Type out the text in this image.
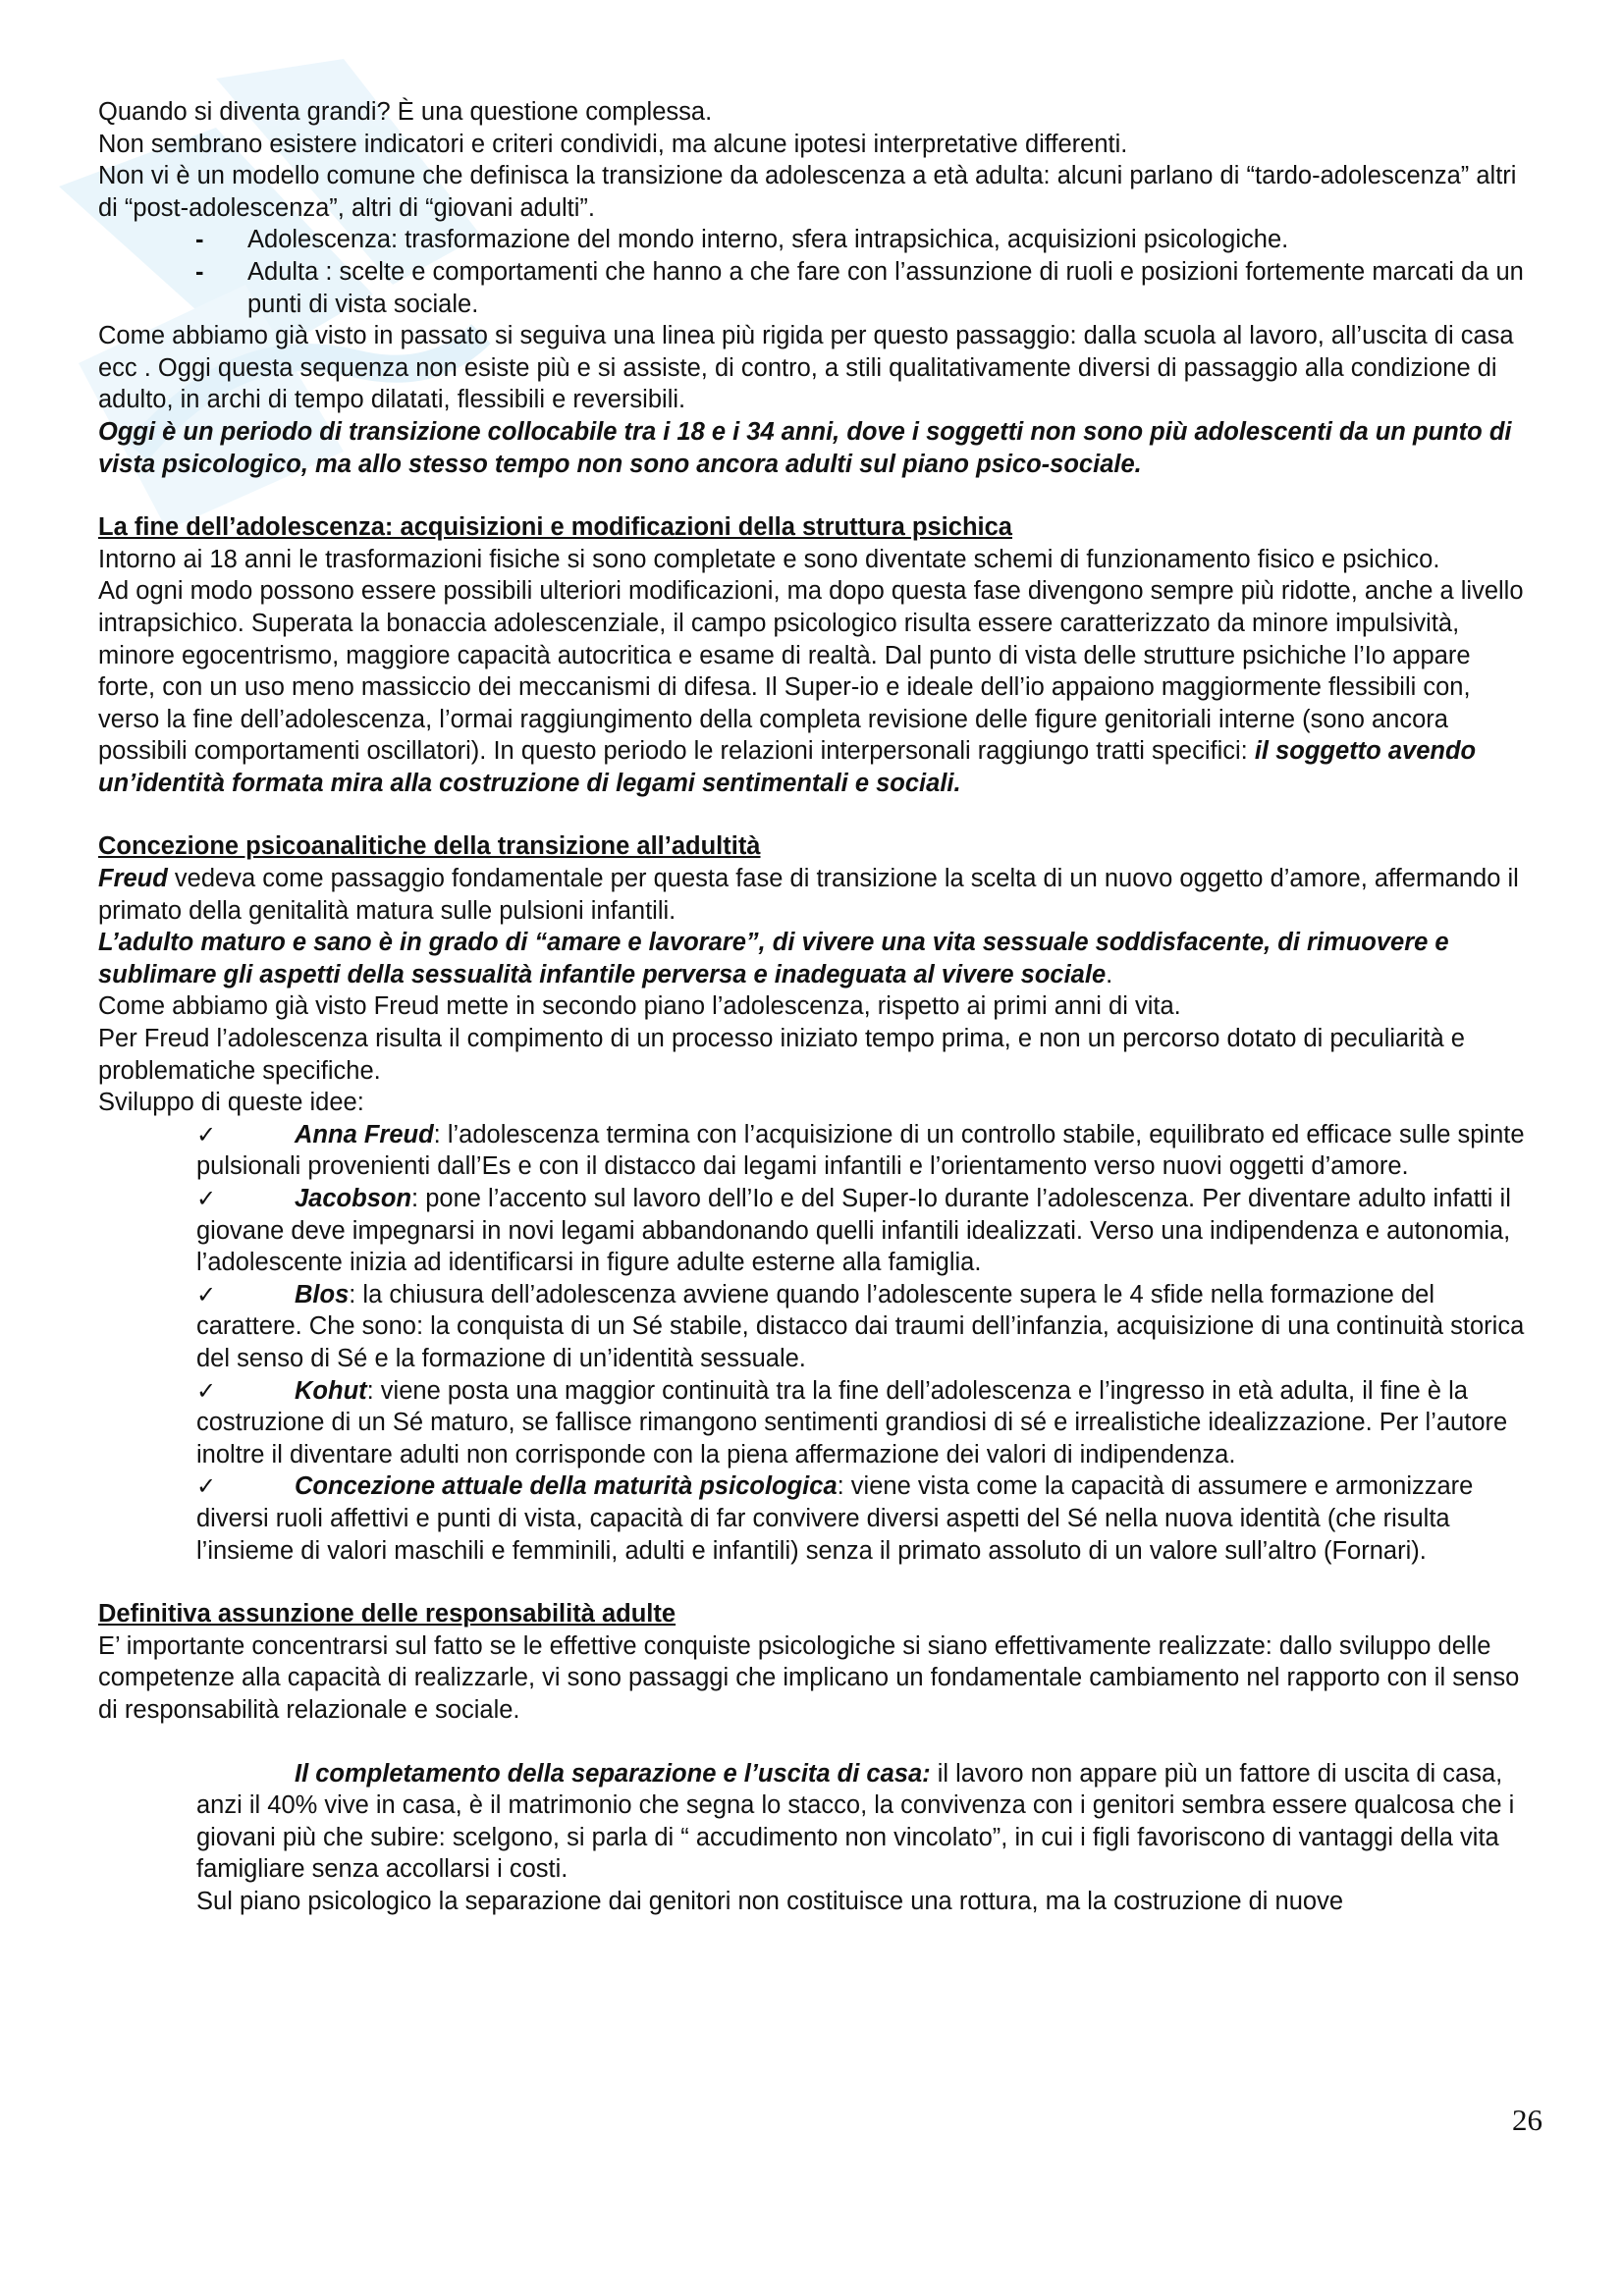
Quando si diventa grandi? È una questione complessa.

Non sembrano esistere indicatori e criteri condividi, ma alcune ipotesi interpretative differenti.

Non vi è un modello comune che definisca la transizione da adolescenza a età adulta: alcuni parlano di “tardo-adolescenza” altri di “post-adolescenza”, altri di “giovani adulti”.

- Adolescenza: trasformazione del mondo interno, sfera intrapsichica, acquisizioni psicologiche.
- Adulta : scelte e comportamenti che hanno a che fare con l’assunzione di ruoli e posizioni fortemente marcati da un punti di vista sociale.

Come abbiamo già visto in passato si seguiva una linea più rigida per questo passaggio: dalla scuola al lavoro, all’uscita di casa ecc . Oggi questa sequenza non esiste più e si assiste, di contro, a stili qualitativamente diversi di passaggio alla condizione di adulto, in archi di tempo dilatati, flessibili e reversibili.

Oggi è un periodo di transizione collocabile tra i 18 e i 34 anni, dove i soggetti non sono più adolescenti da un punto di vista psicologico, ma allo stesso tempo non sono ancora adulti sul piano psico-sociale.

La fine dell’adolescenza: acquisizioni e modificazioni della struttura psichica

Intorno ai 18 anni le trasformazioni fisiche si sono completate e sono diventate schemi di funzionamento fisico e psichico.

Ad ogni modo possono essere possibili ulteriori modificazioni, ma dopo questa fase divengono sempre più ridotte, anche a livello intrapsichico. Superata la bonaccia adolescenziale, il campo psicologico risulta essere caratterizzato da minore impulsività, minore egocentrismo, maggiore capacità autocritica e esame di realtà. Dal punto di vista delle strutture psichiche l’Io appare forte, con un uso meno massiccio dei meccanismi di difesa. Il Super-io e ideale dell’io appaiono maggiormente flessibili con, verso la fine dell’adolescenza, l’ormai raggiungimento della completa revisione delle figure genitoriali interne (sono ancora possibili comportamenti oscillatori). In questo periodo le relazioni interpersonali raggiungo tratti specifici: il soggetto avendo un’identità formata mira alla costruzione di legami sentimentali e sociali.

Concezione psicoanalitiche della transizione all’adultità

Freud vedeva come passaggio fondamentale per questa fase di transizione la scelta di un nuovo oggetto d’amore, affermando il primato della genitalità matura sulle pulsioni infantili.

L’adulto maturo e sano è in grado di “amare e lavorare”, di vivere una vita sessuale soddisfacente, di rimuovere e sublimare gli aspetti della sessualità infantile perversa e inadeguata al vivere sociale.

Come abbiamo già visto Freud mette in secondo piano l’adolescenza, rispetto ai primi anni di vita.

Per Freud l’adolescenza risulta il compimento di un processo iniziato tempo prima, e non un percorso dotato di peculiarità e problematiche specifiche.

Sviluppo di queste idee:

✓	Anna Freud: l’adolescenza termina con l’acquisizione di un controllo stabile, equilibrato ed efficace sulle spinte pulsionali provenienti dall’Es e con il distacco dai legami infantili e l’orientamento verso nuovi oggetti d’amore.
✓	Jacobson: pone l’accento sul lavoro dell’Io e del Super-Io durante l’adolescenza. Per diventare adulto infatti il giovane deve impegnarsi in novi legami abbandonando quelli infantili idealizzati. Verso una indipendenza e autonomia, l’adolescente inizia ad identificarsi in figure adulte esterne alla famiglia.
✓	Blos: la chiusura dell’adolescenza avviene quando l’adolescente supera le 4 sfide nella formazione del carattere. Che sono: la conquista di un Sé stabile, distacco dai traumi dell’infanzia, acquisizione di una continuità storica del senso di Sé e la formazione di un’identità sessuale.
✓	Kohut: viene posta una maggior continuità tra la fine dell’adolescenza e l’ingresso in età adulta, il fine è la costruzione di un Sé maturo, se fallisce rimangono sentimenti grandiosi di sé e irrealistiche idealizzazione. Per l’autore inoltre il diventare adulti non corrisponde con la piena affermazione dei valori di indipendenza.
✓	Concezione attuale della maturità psicologica: viene vista come la capacità di assumere e armonizzare diversi ruoli affettivi e punti di vista, capacità di far convivere diversi aspetti del Sé nella nuova identità (che risulta l’insieme di valori maschili e femminili, adulti e infantili) senza il primato assoluto di un valore sull’altro (Fornari).

Definitiva assunzione delle responsabilità adulte

E’ importante concentrarsi sul fatto se le effettive conquiste psicologiche si siano effettivamente realizzate: dallo sviluppo delle competenze alla capacità di realizzarle, vi sono passaggi che implicano un fondamentale cambiamento nel rapporto con il senso di responsabilità relazionale e sociale.

Il completamento della separazione e l’uscita di casa: il lavoro non appare più un fattore di uscita di casa, anzi il 40% vive in casa, è il matrimonio che segna lo stacco, la convivenza con i genitori sembra essere qualcosa che i giovani più che subire: scelgono, si parla di “ accudimento non vincolato”, in cui i figli favoriscono di vantaggi della vita famigliare senza accollarsi i costi.

Sul piano psicologico la separazione dai genitori non costituisce una rottura, ma la costruzione di nuove

26
